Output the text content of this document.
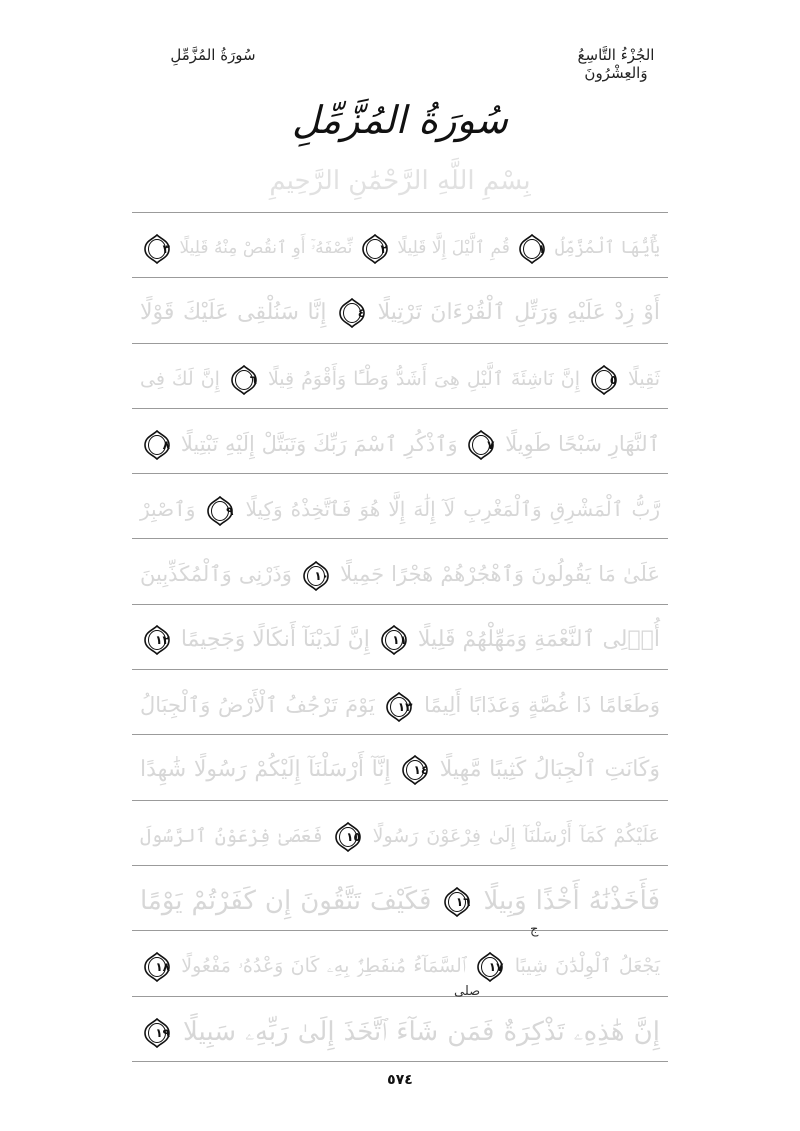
الجُزْءُ التَّاسِعُ وَالعِشْرُونَ
سُورَةُ المُزَّمِّلِ
سُورَةُ المُزَّمِّلِ
بِسْمِ اللَّهِ الرَّحْمَٰنِ الرَّحِيمِ
يَٰٓأَيُّهَا ٱلْمُزَّمِّلُ
١
قُمِ ٱلَّيْلَ إِلَّا قَلِيلًا
٢
نِّصْفَهُۥٓ أَوِ ٱنقُصْ مِنْهُ قَلِيلًا
٣
أَوْ زِدْ عَلَيْهِ وَرَتِّلِ ٱلْقُرْءَانَ تَرْتِيلًا
٤
إِنَّا سَنُلْقِى عَلَيْكَ قَوْلًا
ثَقِيلًا
٥
إِنَّ نَاشِئَةَ ٱلَّيْلِ هِىَ أَشَدُّ وَطْـًٔا وَأَقْوَمُ قِيلًا
٦
إِنَّ لَكَ فِى
ٱلنَّهَارِ سَبْحًا طَوِيلًا
٧
وَٱذْكُرِ ٱسْمَ رَبِّكَ وَتَبَتَّلْ إِلَيْهِ تَبْتِيلًا
٨
رَّبُّ ٱلْمَشْرِقِ وَٱلْمَغْرِبِ لَآ إِلَٰهَ إِلَّا هُوَ فَٱتَّخِذْهُ وَكِيلًا
٩
وَٱصْبِرْ
عَلَىٰ مَا يَقُولُونَ وَٱهْجُرْهُمْ هَجْرًا جَمِيلًا
١٠
وَذَرْنِى وَٱلْمُكَذِّبِينَ
أُو۟لِى ٱلنَّعْمَةِ وَمَهِّلْهُمْ قَلِيلًا
١١
إِنَّ لَدَيْنَآ أَنكَالًا وَجَحِيمًا
١٢
وَطَعَامًا ذَا غُصَّةٍ وَعَذَابًا أَلِيمًا
١٣
يَوْمَ تَرْجُفُ ٱلْأَرْضُ وَٱلْجِبَالُ
وَكَانَتِ ٱلْجِبَالُ كَثِيبًا مَّهِيلًا
١٤
إِنَّآ أَرْسَلْنَآ إِلَيْكُمْ رَسُولًا شَٰهِدًا
عَلَيْكُمْ كَمَآ أَرْسَلْنَآ إِلَىٰ فِرْعَوْنَ رَسُولًا
١٥
فَعَصَىٰ فِرْعَوْنُ ٱلرَّسُولَ
فَأَخَذْنَٰهُ أَخْذًا وَبِيلًا
١٦
فَكَيْفَ تَتَّقُونَ إِن كَفَرْتُمْ يَوْمًا
يَجْعَلُ ٱلْوِلْدَٰنَ شِيبًا
١٧
ٱلسَّمَآءُ مُنفَطِرٌۢ بِهِۦ كَانَ وَعْدُهُۥ مَفْعُولًا
١٨
إِنَّ هَٰذِهِۦ تَذْكِرَةٌ فَمَن شَآءَ ٱتَّخَذَ إِلَىٰ رَبِّهِۦ سَبِيلًا
١٩
ج
صلى
٥٧٤
